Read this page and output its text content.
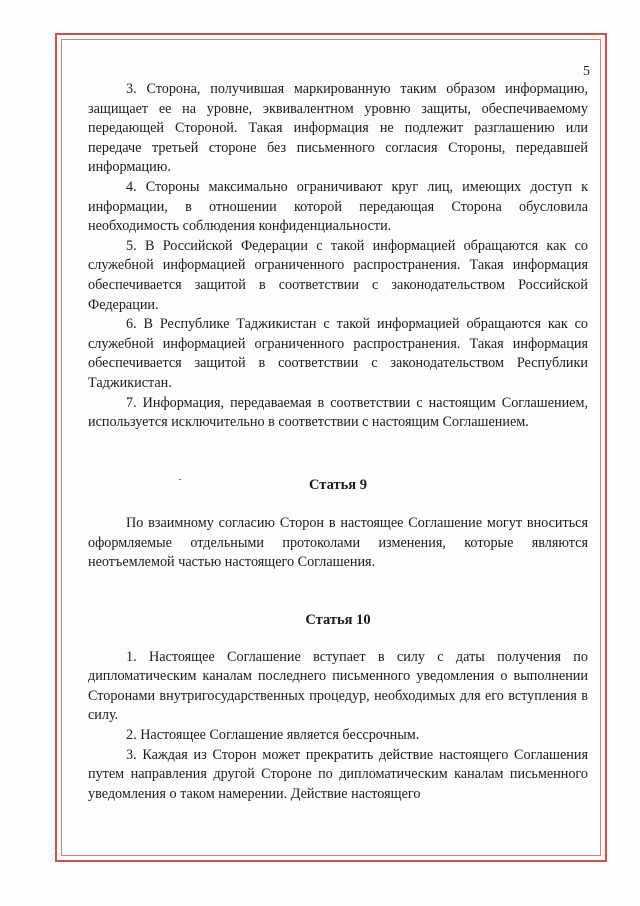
5

3. Сторона, получившая маркированную таким образом информацию, защищает ее на уровне, эквивалентном уровню защиты, обеспечиваемому передающей Стороной. Такая информация не подлежит разглашению или передаче третьей стороне без письменного согласия Стороны, передавшей информацию.

4. Стороны максимально ограничивают круг лиц, имеющих доступ к информации, в отношении которой передающая Сторона обусловила необходимость соблюдения конфиденциальности.

5. В Российской Федерации с такой информацией обращаются как со служебной информацией ограниченного распространения. Такая информация обеспечивается защитой в соответствии с законодательством Российской Федерации.

6. В Республике Таджикистан с такой информацией обращаются как со служебной информацией ограниченного распространения. Такая информация обеспечивается защитой в соответствии с законодательством Республики Таджикистан.

7. Информация, передаваемая в соответствии с настоящим Соглашением, используется исключительно в соответствии с настоящим Соглашением.

Статья 9

По взаимному согласию Сторон в настоящее Соглашение могут вноситься оформляемые отдельными протоколами изменения, которые являются неотъемлемой частью настоящего Соглашения.

Статья 10

1. Настоящее Соглашение вступает в силу с даты получения по дипломатическим каналам последнего письменного уведомления о выполнении Сторонами внутригосударственных процедур, необходимых для его вступления в силу.

2. Настоящее Соглашение является бессрочным.

3. Каждая из Сторон может прекратить действие настоящего Соглашения путем направления другой Стороне по дипломатическим каналам письменного уведомления о таком намерении. Действие настоящего
